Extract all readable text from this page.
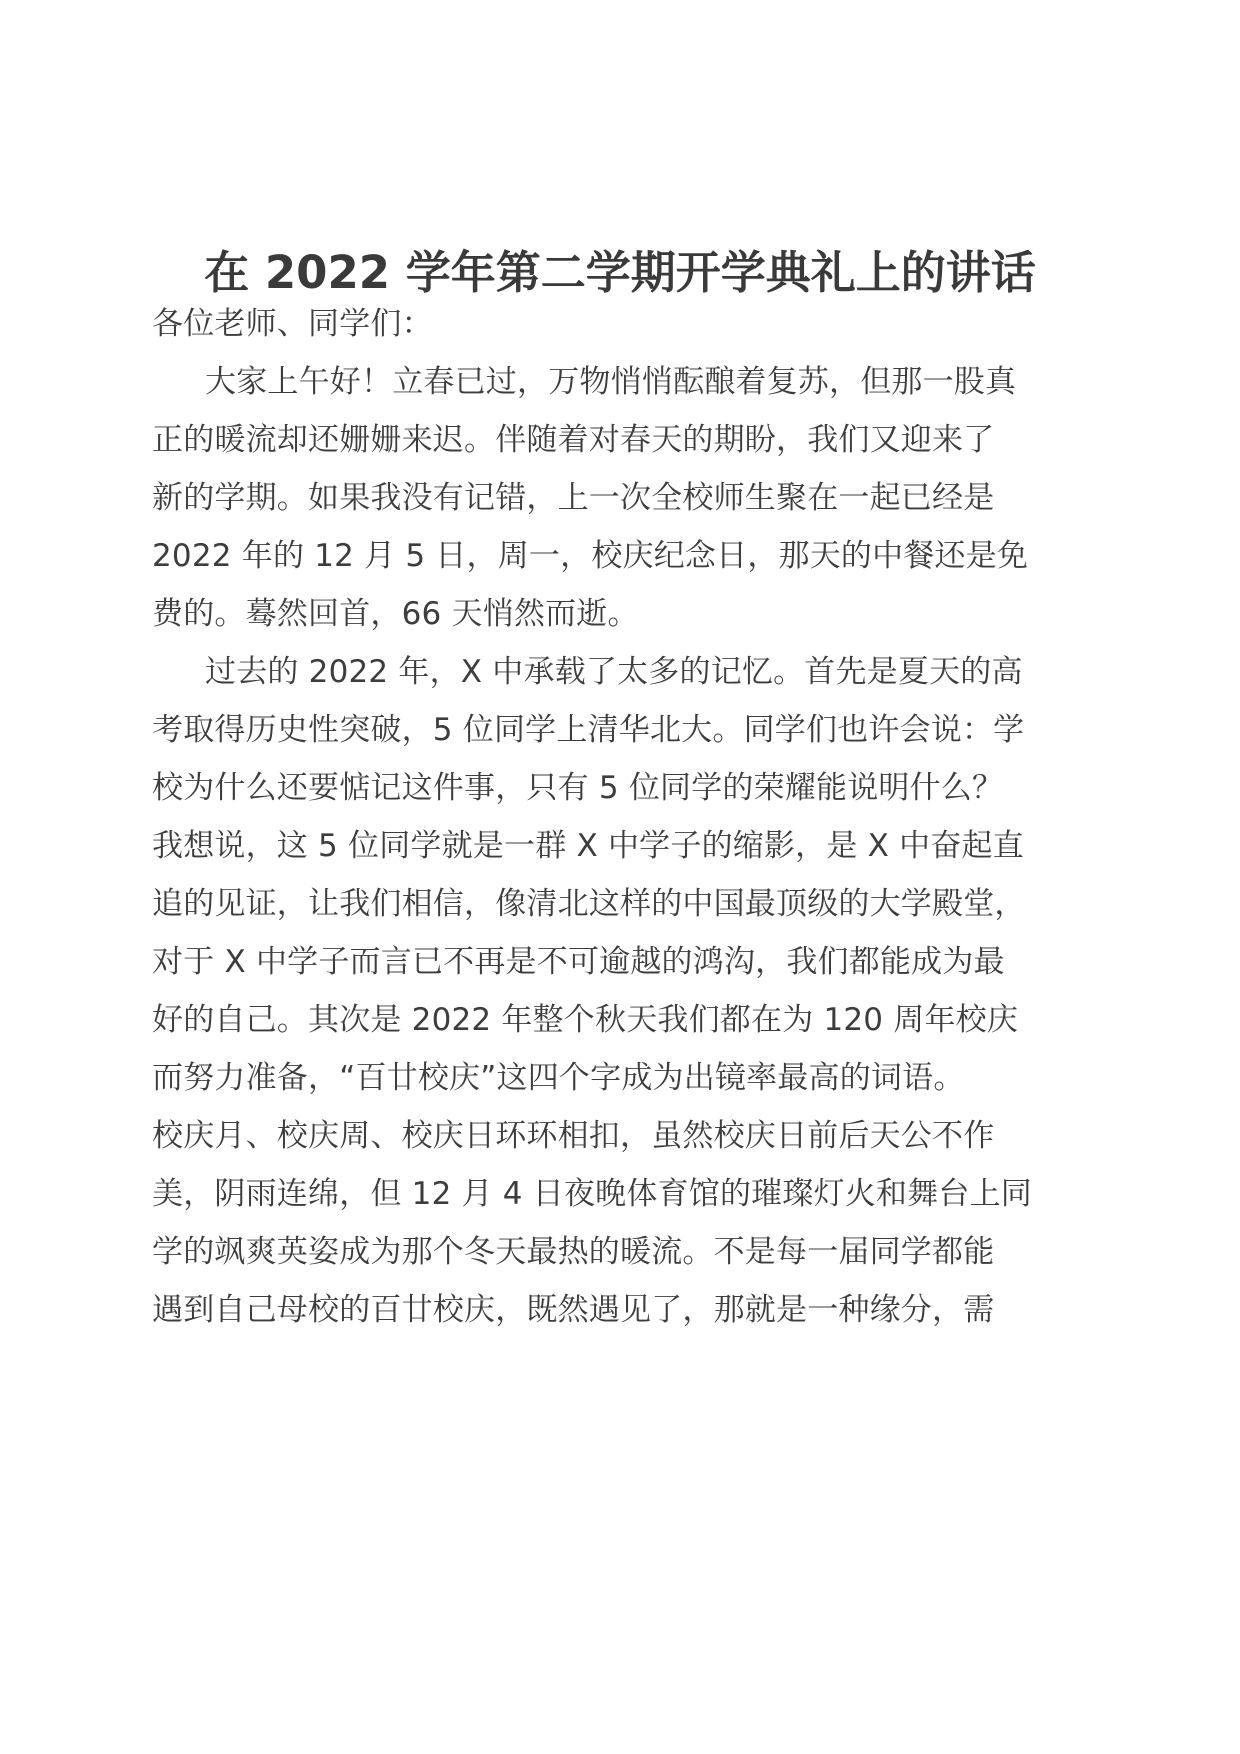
在 2022 学年第二学期开学典礼上的讲话
各位老师、同学们：
大家上午好！立春已过，万物悄悄酝酿着复苏，但那一股真
正的暖流却还姗姗来迟。伴随着对春天的期盼，我们又迎来了
新的学期。如果我没有记错，上一次全校师生聚在一起已经是
2022 年的 12 月 5 日，周一，校庆纪念日，那天的中餐还是免
费的。蓦然回首，66 天悄然而逝。
过去的 2022 年，X 中承载了太多的记忆。首先是夏天的高
考取得历史性突破，5 位同学上清华北大。同学们也许会说：学
校为什么还要惦记这件事，只有 5 位同学的荣耀能说明什么？
我想说，这 5 位同学就是一群 X 中学子的缩影，是 X 中奋起直
追的见证，让我们相信，像清北这样的中国最顶级的大学殿堂，
对于 X 中学子而言已不再是不可逾越的鸿沟，我们都能成为最
好的自己。其次是 2022 年整个秋天我们都在为 120 周年校庆
而努力准备，“百廿校庆”这四个字成为出镜率最高的词语。
校庆月、校庆周、校庆日环环相扣，虽然校庆日前后天公不作
美，阴雨连绵，但 12 月 4 日夜晚体育馆的璀璨灯火和舞台上同
学的飒爽英姿成为那个冬天最热的暖流。不是每一届同学都能
遇到自己母校的百廿校庆，既然遇见了，那就是一种缘分，需
